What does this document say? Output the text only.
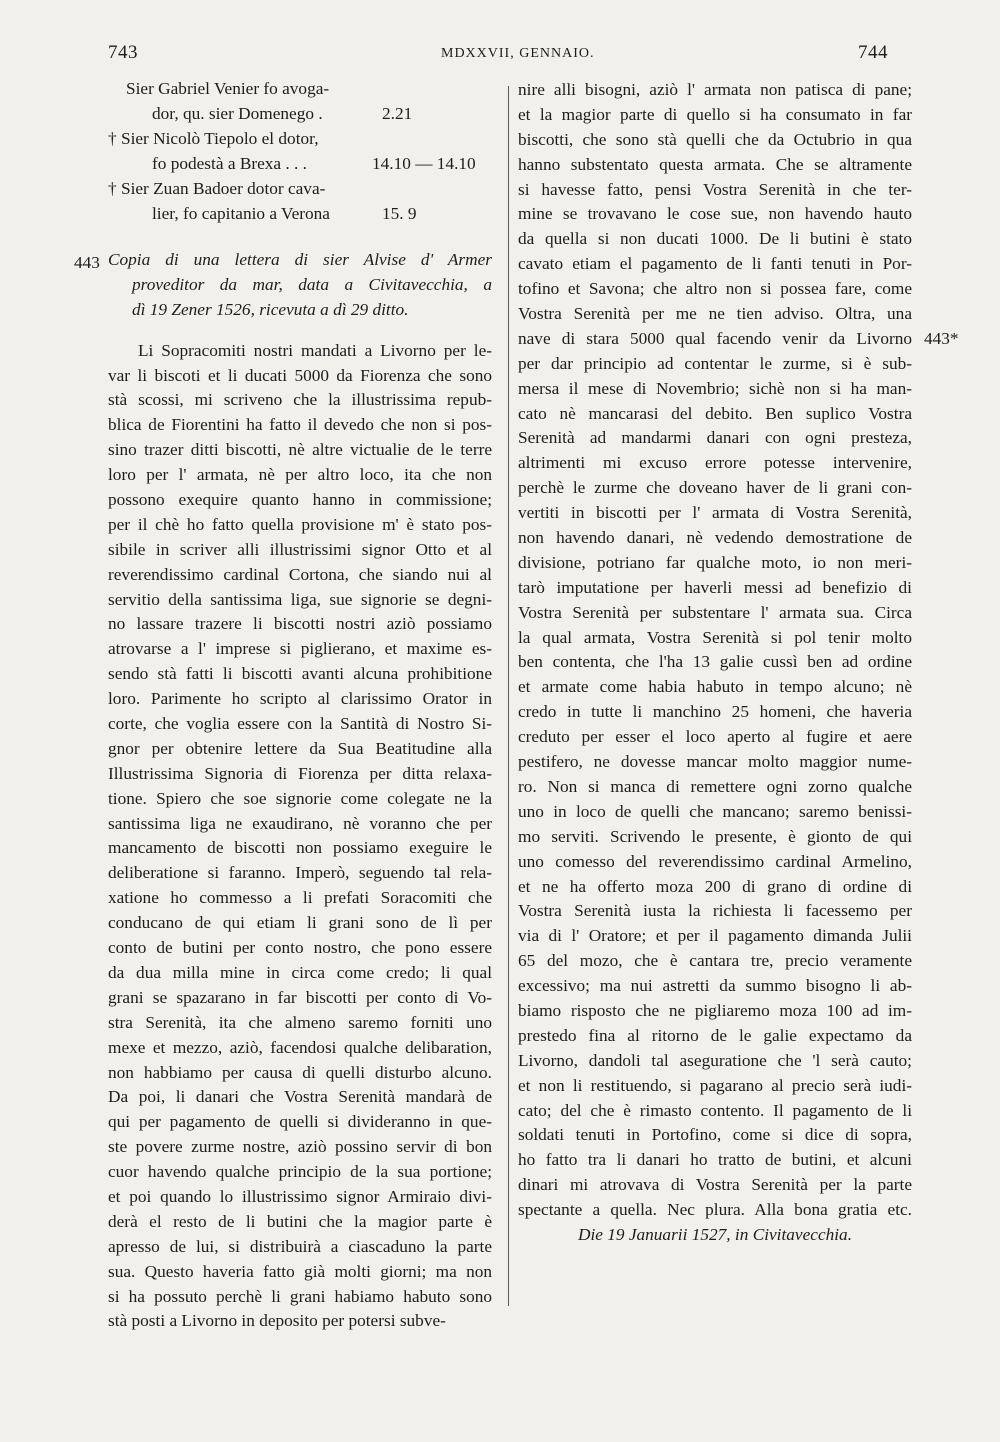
743	MDXXVII, GENNAIO.	744
443
443*
Sier Gabriel Venier fo avoga-
dor, qu. sier Domenego .	2.21
† Sier Nicolò Tiepolo el dotor,
fo podestà a Brexa . . .	14.10 — 14.10
† Sier Zuan Badoer dotor cava-
lier, fo capitanio a Verona	15. 9
Copia di una lettera di sier Alvise d' Armer
proveditor da mar, data a Civitavecchia, a
dì 19 Zener 1526, ricevuta a dì 29 ditto.
Li Sopracomiti nostri mandati a Livorno per le-
var li biscoti et li ducati 5000 da Fiorenza che sono
stà scossi, mi scriveno che la illustrissima repub-
blica de Fiorentini ha fatto il devedo che non si pos-
sino trazer ditti biscotti, nè altre victualie de le terre
loro per l' armata, nè per altro loco, ita che non
possono exequire quanto hanno in commissione;
per il chè ho fatto quella provisione m' è stato pos-
sibile in scriver alli illustrissimi signor Otto et al
reverendissimo cardinal Cortona, che siando nui al
servitio della santissima liga, sue signorie se degni-
no lassare trazere li biscotti nostri aziò possiamo
atrovarse a l' imprese si piglierano, et maxime es-
sendo stà fatti li biscotti avanti alcuna prohibitione
loro. Parimente ho scripto al clarissimo Orator in
corte, che voglia essere con la Santità di Nostro Si-
gnor per obtenire lettere da Sua Beatitudine alla
Illustrissima Signoria di Fiorenza per ditta relaxa-
tione. Spiero che soe signorie come colegate ne la
santissima liga ne exaudirano, nè voranno che per
mancamento de biscotti non possiamo exeguire le
deliberatione si faranno. Imperò, seguendo tal rela-
xatione ho commesso a li prefati Soracomiti che
conducano de qui etiam li grani sono de lì per
conto de butini per conto nostro, che pono essere
da dua milla mine in circa come credo; li qual
grani se spazarano in far biscotti per conto di Vo-
stra Serenità, ita che almeno saremo forniti uno
mexe et mezzo, aziò, facendosi qualche delibaration,
non habbiamo per causa di quelli disturbo alcuno.
Da poi, li danari che Vostra Serenità mandarà de
qui per pagamento de quelli si divideranno in que-
ste povere zurme nostre, aziò possino servir di bon
cuor havendo qualche principio de la sua portione;
et poi quando lo illustrissimo signor Armiraio divi-
derà el resto de li butini che la magior parte è
apresso de lui, si distribuirà a ciascaduno la parte
sua. Questo haveria fatto già molti giorni; ma non
si ha possuto perchè li grani habiamo habuto sono
stà posti a Livorno in deposito per potersi subve-
nire alli bisogni, aziò l' armata non patisca di pane;
et la magior parte di quello si ha consumato in far
biscotti, che sono stà quelli che da Octubrio in qua
hanno substentato questa armata. Che se altramente
si havesse fatto, pensi Vostra Serenità in che ter-
mine se trovavano le cose sue, non havendo hauto
da quella si non ducati 1000. De li butini è stato
cavato etiam el pagamento de li fanti tenuti in Por-
tofino et Savona; che altro non si possea fare, come
Vostra Serenità per me ne tien adviso. Oltra, una
nave di stara 5000 qual facendo venir da Livorno
per dar principio ad contentar le zurme, si è sub-
mersa il mese di Novembrio; sichè non si ha man-
cato nè mancarasi del debito. Ben suplico Vostra
Serenità ad mandarmi danari con ogni presteza,
altrimenti mi excuso errore potesse intervenire,
perchè le zurme che doveano haver de li grani con-
vertiti in biscotti per l' armata di Vostra Serenità,
non havendo danari, nè vedendo demostratione de
divisione, potriano far qualche moto, io non meri-
tarò imputatione per haverli messi ad benefizio di
Vostra Serenità per substentare l' armata sua. Circa
la qual armata, Vostra Serenità si pol tenir molto
ben contenta, che l'ha 13 galie cussì ben ad ordine
et armate come habia habuto in tempo alcuno; nè
credo in tutte li manchino 25 homeni, che haveria
creduto per esser el loco aperto al fugire et aere
pestifero, ne dovesse mancar molto maggior nume-
ro. Non si manca di remettere ogni zorno qualche
uno in loco de quelli che mancano; saremo benissi-
mo serviti. Scrivendo le presente, è gionto de qui
uno comesso del reverendissimo cardinal Armelino,
et ne ha offerto moza 200 di grano di ordine di
Vostra Serenità iusta la richiesta li facessemo per
via di l' Oratore; et per il pagamento dimanda Julii
65 del mozo, che è cantara tre, precio veramente
excessivo; ma nui astretti da summo bisogno li ab-
biamo risposto che ne pigliaremo moza 100 ad im-
prestedo fina al ritorno de le galie expectamo da
Livorno, dandoli tal aseguratione che 'l serà cauto;
et non li restituendo, si pagarano al precio serà iudi-
cato; del che è rimasto contento. Il pagamento de li
soldati tenuti in Portofino, come si dice di sopra,
ho fatto tra li danari ho tratto de butini, et alcuni
dinari mi atrovava di Vostra Serenità per la parte
spectante a quella. Nec plura. Alla bona gratia etc.
Die 19 Januarii 1527, in Civitavecchia.
